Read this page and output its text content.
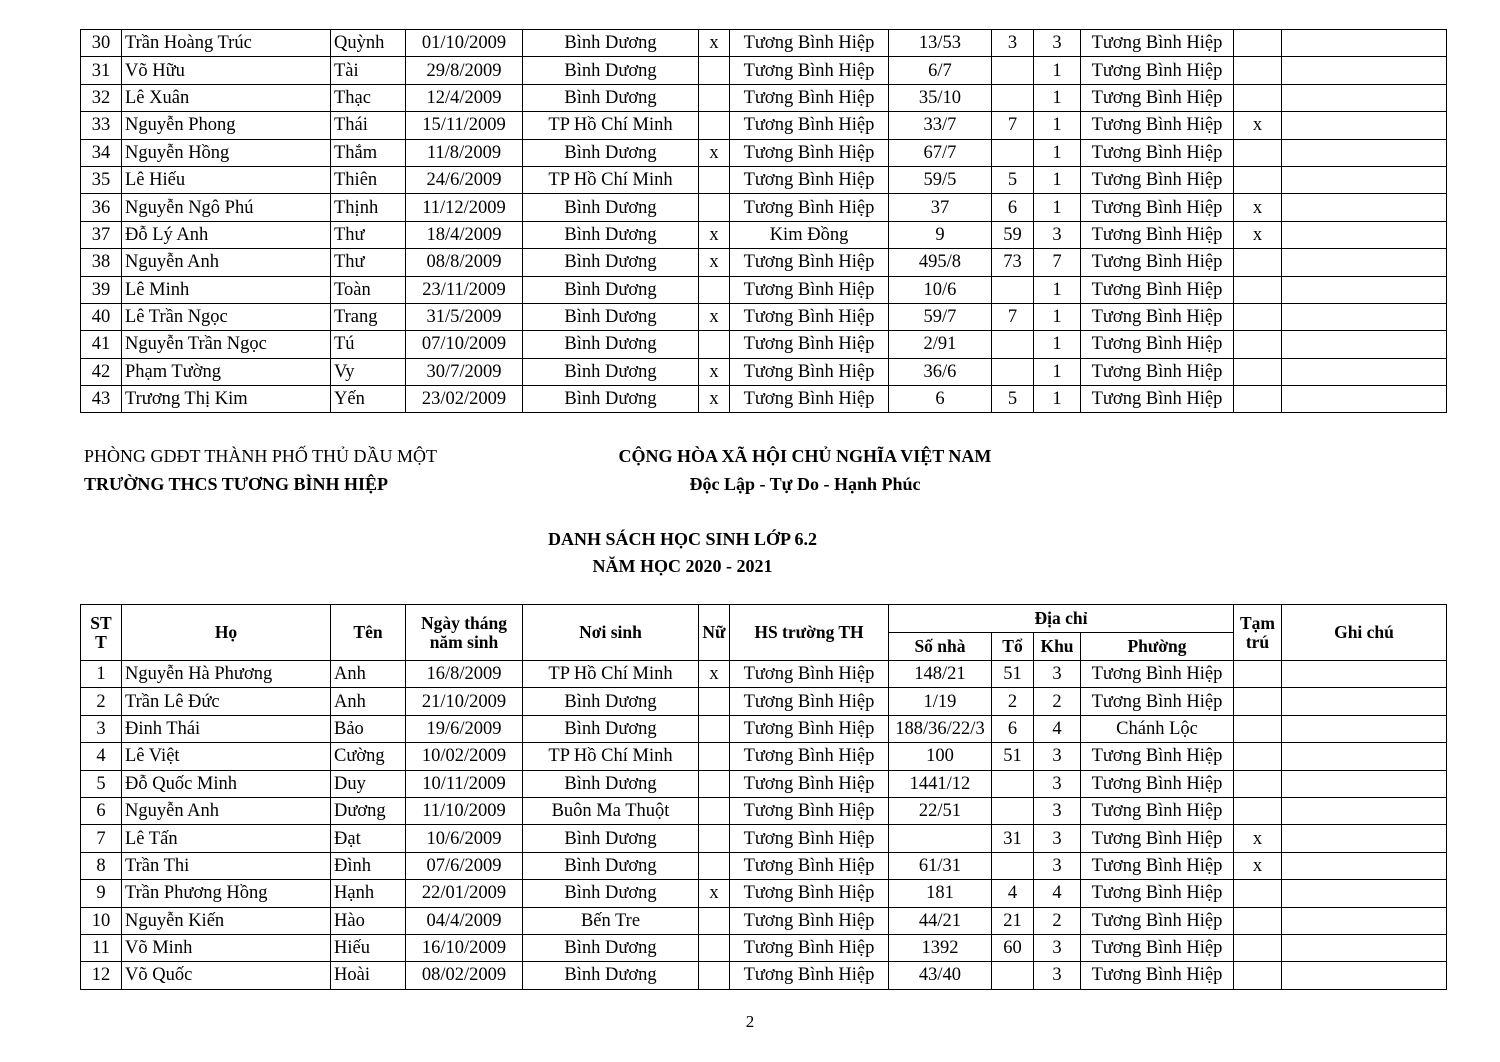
30	Trần Hoàng Trúc	Quỳnh	01/10/2009	Bình Dương	x	Tương Bình Hiệp	13/53	3	3	Tương Bình Hiệp		
31	Võ Hữu	Tài	29/8/2009	Bình Dương		Tương Bình Hiệp	6/7		1	Tương Bình Hiệp		
32	Lê Xuân	Thạc	12/4/2009	Bình Dương		Tương Bình Hiệp	35/10		1	Tương Bình Hiệp		
33	Nguyễn Phong	Thái	15/11/2009	TP Hồ Chí Minh		Tương Bình Hiệp	33/7	7	1	Tương Bình Hiệp	x	
34	Nguyễn Hồng	Thắm	11/8/2009	Bình Dương	x	Tương Bình Hiệp	67/7		1	Tương Bình Hiệp		
35	Lê Hiếu	Thiên	24/6/2009	TP Hồ Chí Minh		Tương Bình Hiệp	59/5	5	1	Tương Bình Hiệp		
36	Nguyễn Ngô Phú	Thịnh	11/12/2009	Bình Dương		Tương Bình Hiệp	37	6	1	Tương Bình Hiệp	x	
37	Đỗ Lý Anh	Thư	18/4/2009	Bình Dương	x	Kim Đồng	9	59	3	Tương Bình Hiệp	x	
38	Nguyễn Anh	Thư	08/8/2009	Bình Dương	x	Tương Bình Hiệp	495/8	73	7	Tương Bình Hiệp		
39	Lê Minh	Toàn	23/11/2009	Bình Dương		Tương Bình Hiệp	10/6		1	Tương Bình Hiệp		
40	Lê Trần Ngọc	Trang	31/5/2009	Bình Dương	x	Tương Bình Hiệp	59/7	7	1	Tương Bình Hiệp		
41	Nguyễn Trần Ngọc	Tú	07/10/2009	Bình Dương		Tương Bình Hiệp	2/91		1	Tương Bình Hiệp		
42	Phạm Tường	Vy	30/7/2009	Bình Dương	x	Tương Bình Hiệp	36/6		1	Tương Bình Hiệp		
43	Trương Thị Kim	Yến	23/02/2009	Bình Dương	x	Tương Bình Hiệp	6	5	1	Tương Bình Hiệp		
PHÒNG GDĐT THÀNH PHỐ THỦ DẦU MỘT
TRƯỜNG THCS TƯƠNG BÌNH HIỆP
CỘNG HÒA XÃ HỘI CHỦ NGHĨA VIỆT NAM
Độc Lập - Tự Do - Hạnh Phúc
DANH SÁCH HỌC SINH LỚP 6.2
NĂM HỌC 2020 - 2021
ST T	Họ	Tên	Ngày tháng năm sinh	Nơi sinh	Nữ	HS trường TH	Địa chỉ				Tạm trú	Ghi chú
							Số nhà	Tổ	Khu	Phường		
1	Nguyễn Hà Phương	Anh	16/8/2009	TP Hồ Chí Minh	x	Tương Bình Hiệp	148/21	51	3	Tương Bình Hiệp		
2	Trần Lê Đức	Anh	21/10/2009	Bình Dương		Tương Bình Hiệp	1/19	2	2	Tương Bình Hiệp		
3	Đinh Thái	Bảo	19/6/2009	Bình Dương		Tương Bình Hiệp	188/36/22/3	6	4	Chánh Lộc		
4	Lê Việt	Cường	10/02/2009	TP Hồ Chí Minh		Tương Bình Hiệp	100	51	3	Tương Bình Hiệp		
5	Đỗ Quốc Minh	Duy	10/11/2009	Bình Dương		Tương Bình Hiệp	1441/12		3	Tương Bình Hiệp		
6	Nguyễn Anh	Dương	11/10/2009	Buôn Ma Thuột		Tương Bình Hiệp	22/51		3	Tương Bình Hiệp		
7	Lê Tấn	Đạt	10/6/2009	Bình Dương		Tương Bình Hiệp		31	3	Tương Bình Hiệp	x	
8	Trần Thi	Đình	07/6/2009	Bình Dương		Tương Bình Hiệp	61/31		3	Tương Bình Hiệp	x	
9	Trần Phương Hồng	Hạnh	22/01/2009	Bình Dương	x	Tương Bình Hiệp	181	4	4	Tương Bình Hiệp		
10	Nguyễn Kiến	Hào	04/4/2009	Bến Tre		Tương Bình Hiệp	44/21	21	2	Tương Bình Hiệp		
11	Võ Minh	Hiếu	16/10/2009	Bình Dương		Tương Bình Hiệp	1392	60	3	Tương Bình Hiệp		
12	Võ Quốc	Hoài	08/02/2009	Bình Dương		Tương Bình Hiệp	43/40		3	Tương Bình Hiệp		
2
